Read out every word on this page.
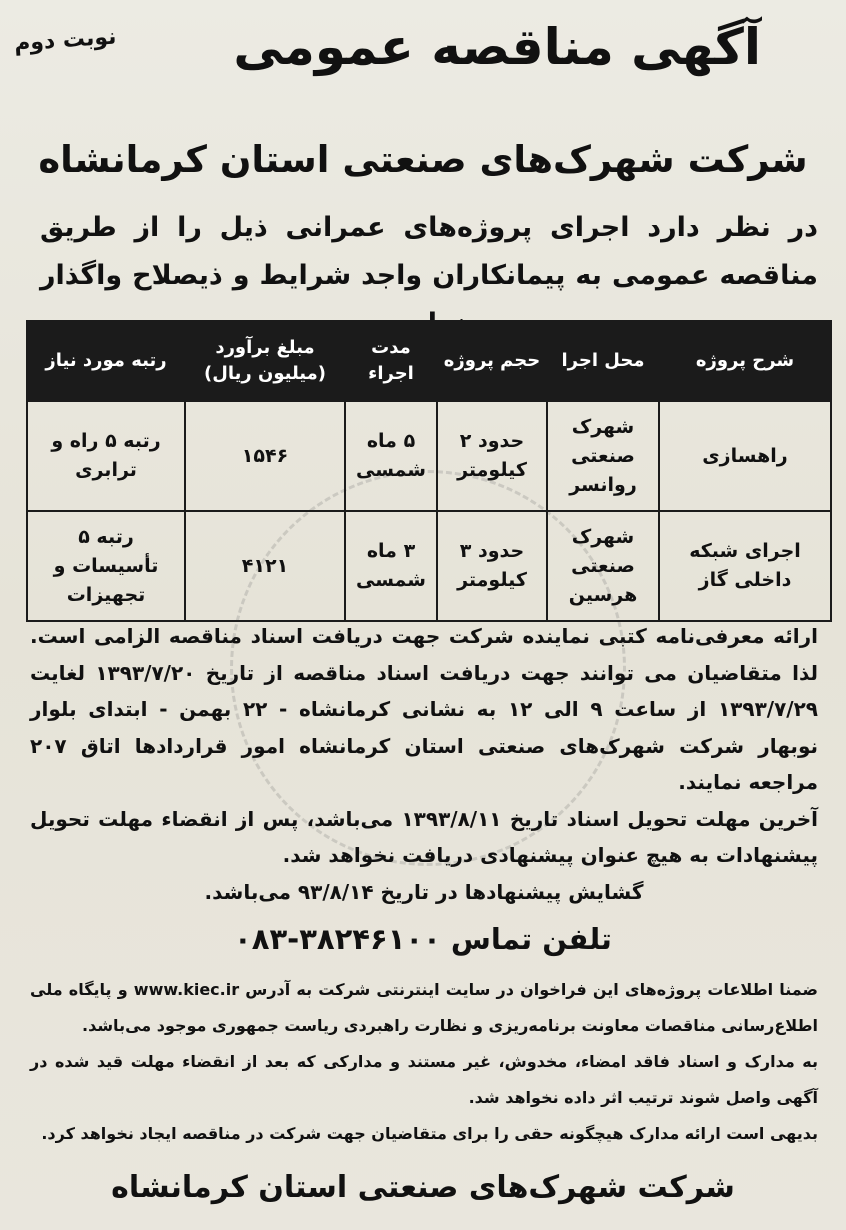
نوبت دوم آگهی مناقصه عمومی
شرکت شهرک‌های صنعتی استان کرمانشاه
در نظر دارد اجرای پروژه‌های عمرانی ذیل را از طریق مناقصه عمومی به پیمانکاران واجد شرایط و ذیصلاح واگذار
شرح پروژه	محل اجرا	حجم پروژه	مدت اجراء	مبلغ برآورد (میلیون ریال)	رتبه مورد نیاز
راهسازی	شهرک صنعتی روانسر	حدود ۲ کیلومتر	۵ ماه شمسی	۱۵۴۶	رتبه ۵ راه و ترابری
اجرای شبکه داخلی گاز	شهرک صنعتی هرسین	حدود ۳ کیلومتر	۳ ماه شمسی	۴۱۲۱	رتبه ۵ تأسیسات و تجهیزات

ارائه معرفی‌نامه کتبی نماینده شرکت جهت دریافت اسناد مناقصه الزامی است. لذا متقاضیان می توانند جهت دریافت اسناد مناقصه از تاریخ ۱۳۹۳/۷/۲۰ لغایت ۱۳۹۳/۷/۲۹ از ساعت ۹ الی ۱۲ به نشانی کرمانشاه - ۲۲ بهمن - ابتدای بلوار نوبهار شرکت شهرک‌های صنعتی استان کرمانشاه امور قراردادها اتاق ۲۰۷ مراجعه نمایند.

آخرین مهلت تحویل اسناد تاریخ ۱۳۹۳/۸/۱۱ می‌باشد، پس از انقضاء مهلت تحویل پیشنهادات به هیچ عنوان پیشنهادی دریافت نخواهد شد.

گشایش پیشنهادها در تاریخ ۹۳/۸/۱۴ می‌باشد.

تلفن تماس ۳۸۲۴۶۱۰۰-۰۸۳

ضمنا اطلاعات پروژه‌های این فراخوان در سایت اینترنتی شرکت به آدرس www.kiec.ir و پایگاه ملی اطلاع‌رسانی مناقصات معاونت برنامه‌ریزی و نظارت راهبردی ریاست جمهوری موجود می‌باشد.

به مدارک و اسناد فاقد امضاء، مخدوش، غیر مستند و مدارکی که بعد از انقضاء مهلت قید شده در آگهی واصل شوند ترتیب اثر داده نخواهد شد.

بدیهی است ارائه مدارک هیچگونه حقی را برای متقاضیان جهت شرکت در مناقصه ایجاد نخواهد کرد.

شرکت شهرک‌های صنعتی استان کرمانشاه
